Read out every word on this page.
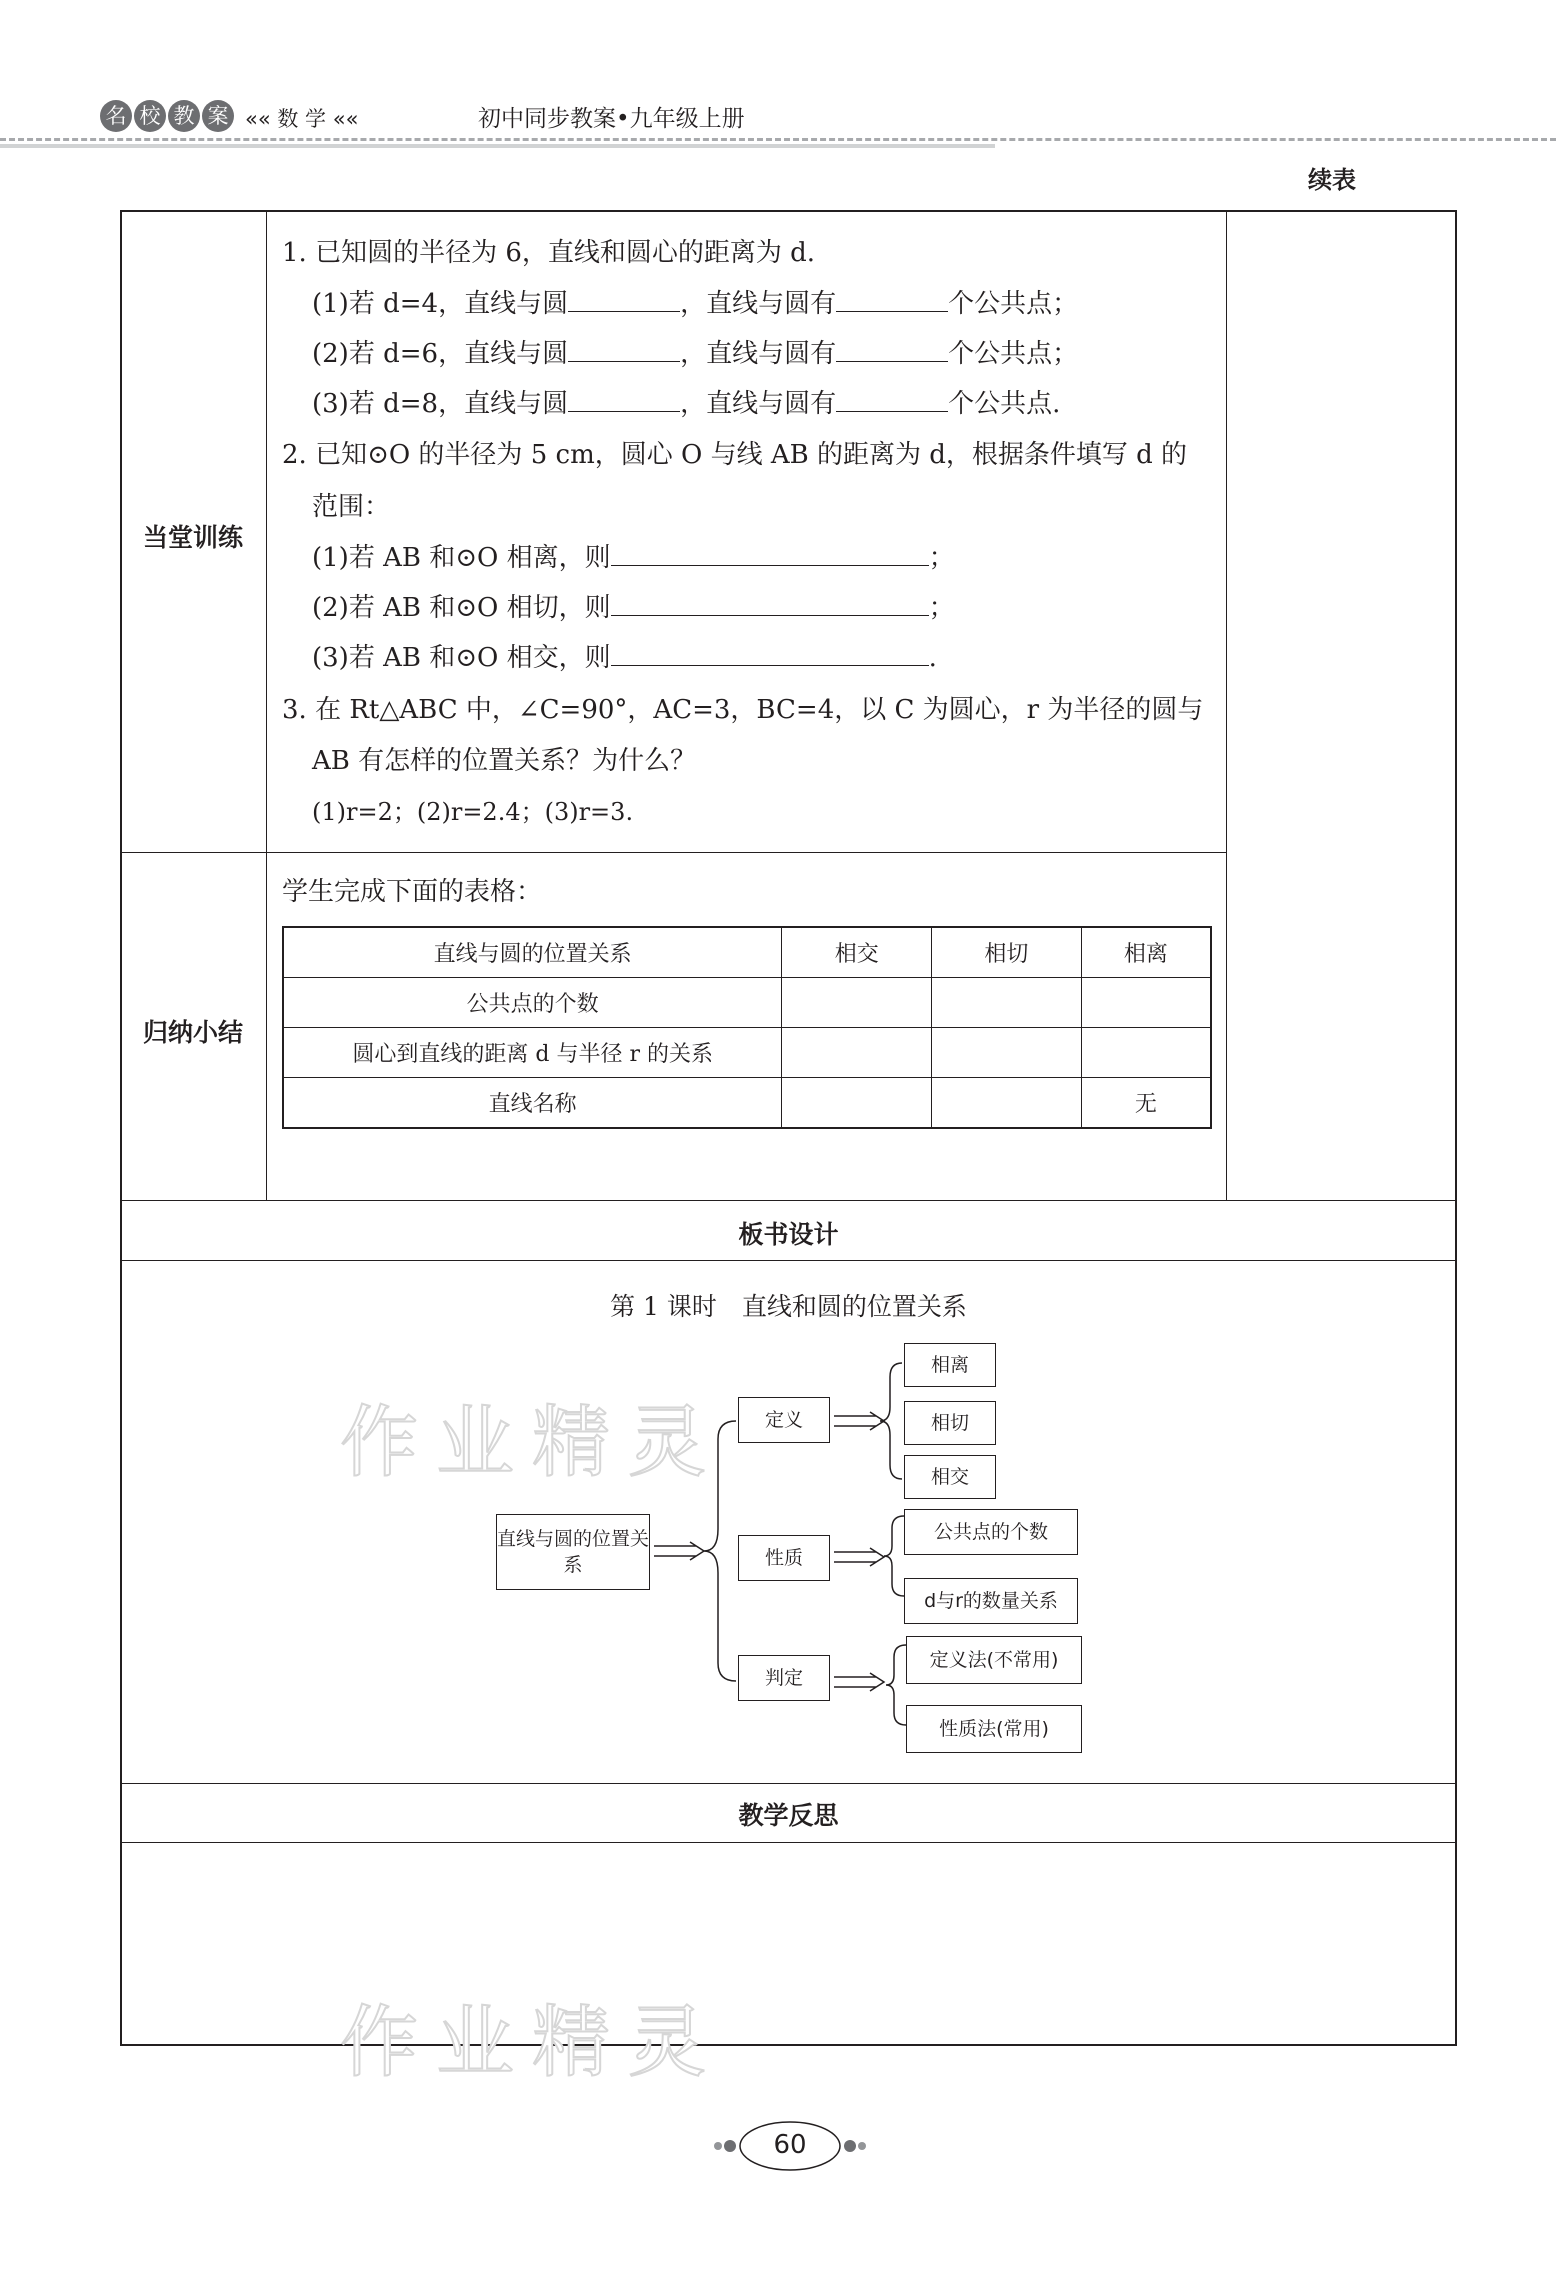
名 校 教 案 «« 数 学 ««	初中同步教案•九年级上册
续表
当堂训练
1. 已知圆的半径为 6，直线和圆心的距离为 d.
(1)若 d=4，直线与圆	，直线与圆有	个公共点；
(2)若 d=6，直线与圆	，直线与圆有	个公共点；
(3)若 d=8，直线与圆	，直线与圆有	个公共点.
2. 已知⊙O 的半径为 5 cm，圆心 O 与线 AB 的距离为 d，根据条件填写 d 的
范围：
(1)若 AB 和⊙O 相离，则	；
(2)若 AB 和⊙O 相切，则	；
(3)若 AB 和⊙O 相交，则	.
3. 在 Rt△ABC 中，∠C=90°，AC=3，BC=4，以 C 为圆心，r 为半径的圆与
AB 有怎样的位置关系？为什么？
(1)r=2；(2)r=2.4；(3)r=3.
归纳小结
学生完成下面的表格：
直线与圆的位置关系	相交	相切	相离
公共点的个数			
圆心到直线的距离 d 与半径 r 的关系			
直线名称			无
板书设计
第 1 课时　直线和圆的位置关系
直线与圆的位置关系
定义
性质
判定
相离
相切
相交
公共点的个数
d与r的数量关系
定义法(不常用)
性质法(常用)
教学反思
作业精灵
作业精灵
60
